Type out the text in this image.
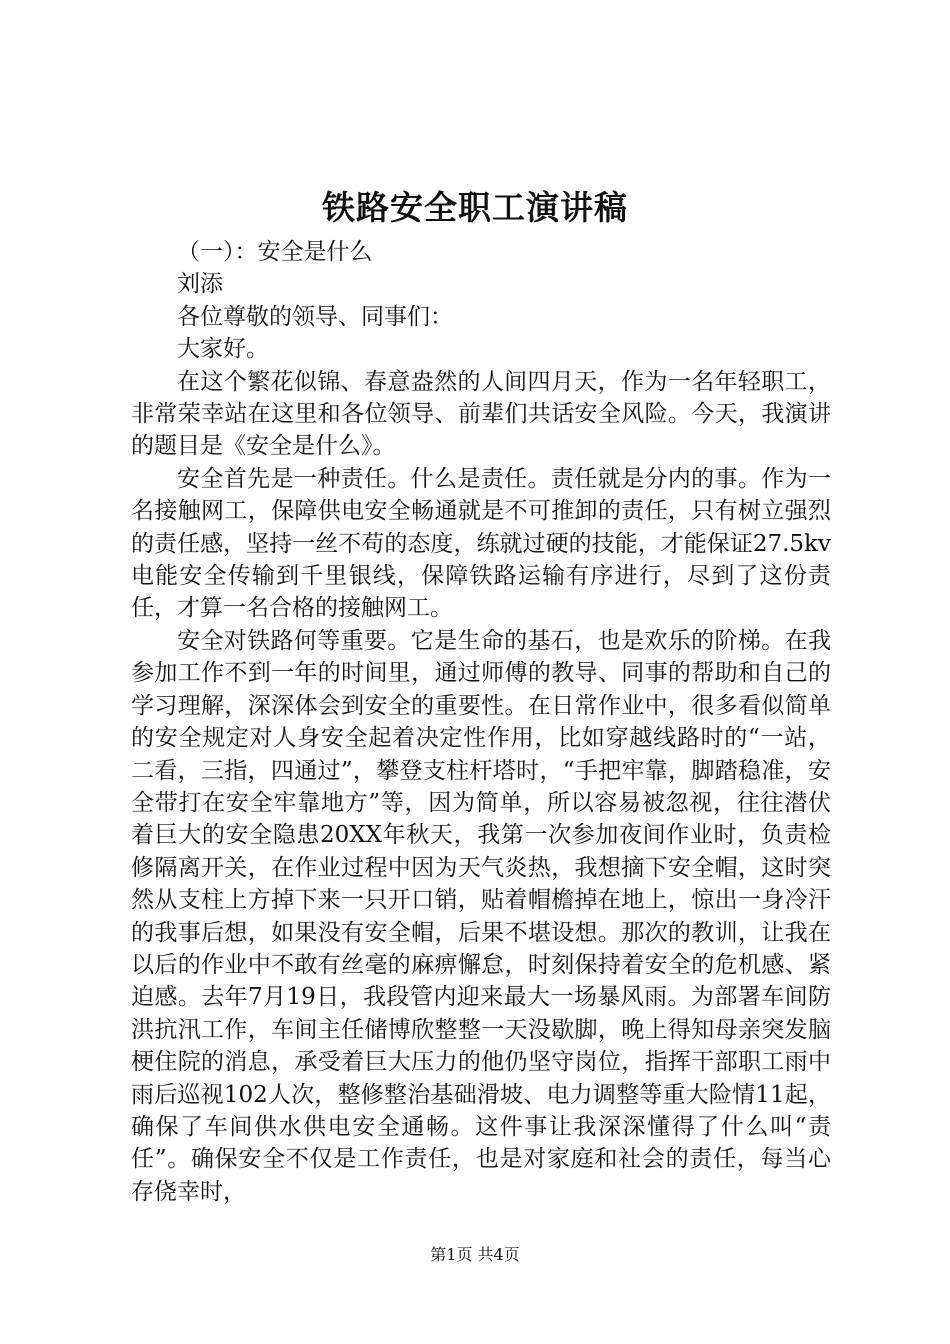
铁路安全职工演讲稿

（一）：安全是什么

刘添

各位尊敬的领导、同事们：

大家好。

在这个繁花似锦、春意盎然的人间四月天，作为一名年轻职工，非常荣幸站在这里和各位领导、前辈们共话安全风险。今天，我演讲的题目是《安全是什么》。

安全首先是一种责任。什么是责任。责任就是分内的事。作为一名接触网工，保障供电安全畅通就是不可推卸的责任，只有树立强烈的责任感，坚持一丝不苟的态度，练就过硬的技能，才能保证27.5kv电能安全传输到千里银线，保障铁路运输有序进行，尽到了这份责任，才算一名合格的接触网工。

安全对铁路何等重要。它是生命的基石，也是欢乐的阶梯。在我参加工作不到一年的时间里，通过师傅的教导、同事的帮助和自己的学习理解，深深体会到安全的重要性。在日常作业中，很多看似简单的安全规定对人身安全起着决定性作用，比如穿越线路时的“一站，二看，三指，四通过”，攀登支柱杆塔时，“手把牢靠，脚踏稳准，安全带打在安全牢靠地方”等，因为简单，所以容易被忽视，往往潜伏着巨大的安全隐患20XX年秋天，我第一次参加夜间作业时，负责检修隔离开关，在作业过程中因为天气炎热，我想摘下安全帽，这时突然从支柱上方掉下来一只开口销，贴着帽檐掉在地上，惊出一身冷汗的我事后想，如果没有安全帽，后果不堪设想。那次的教训，让我在以后的作业中不敢有丝毫的麻痹懈怠，时刻保持着安全的危机感、紧迫感。去年7月19日，我段管内迎来最大一场暴风雨。为部署车间防洪抗汛工作，车间主任储博欣整整一天没歇脚，晚上得知母亲突发脑梗住院的消息，承受着巨大压力的他仍坚守岗位，指挥干部职工雨中雨后巡视102人次，整修整治基础滑坡、电力调整等重大险情11起，确保了车间供水供电安全通畅。这件事让我深深懂得了什么叫“责任”。确保安全不仅是工作责任，也是对家庭和社会的责任，每当心存侥幸时，

第1页 共4页
